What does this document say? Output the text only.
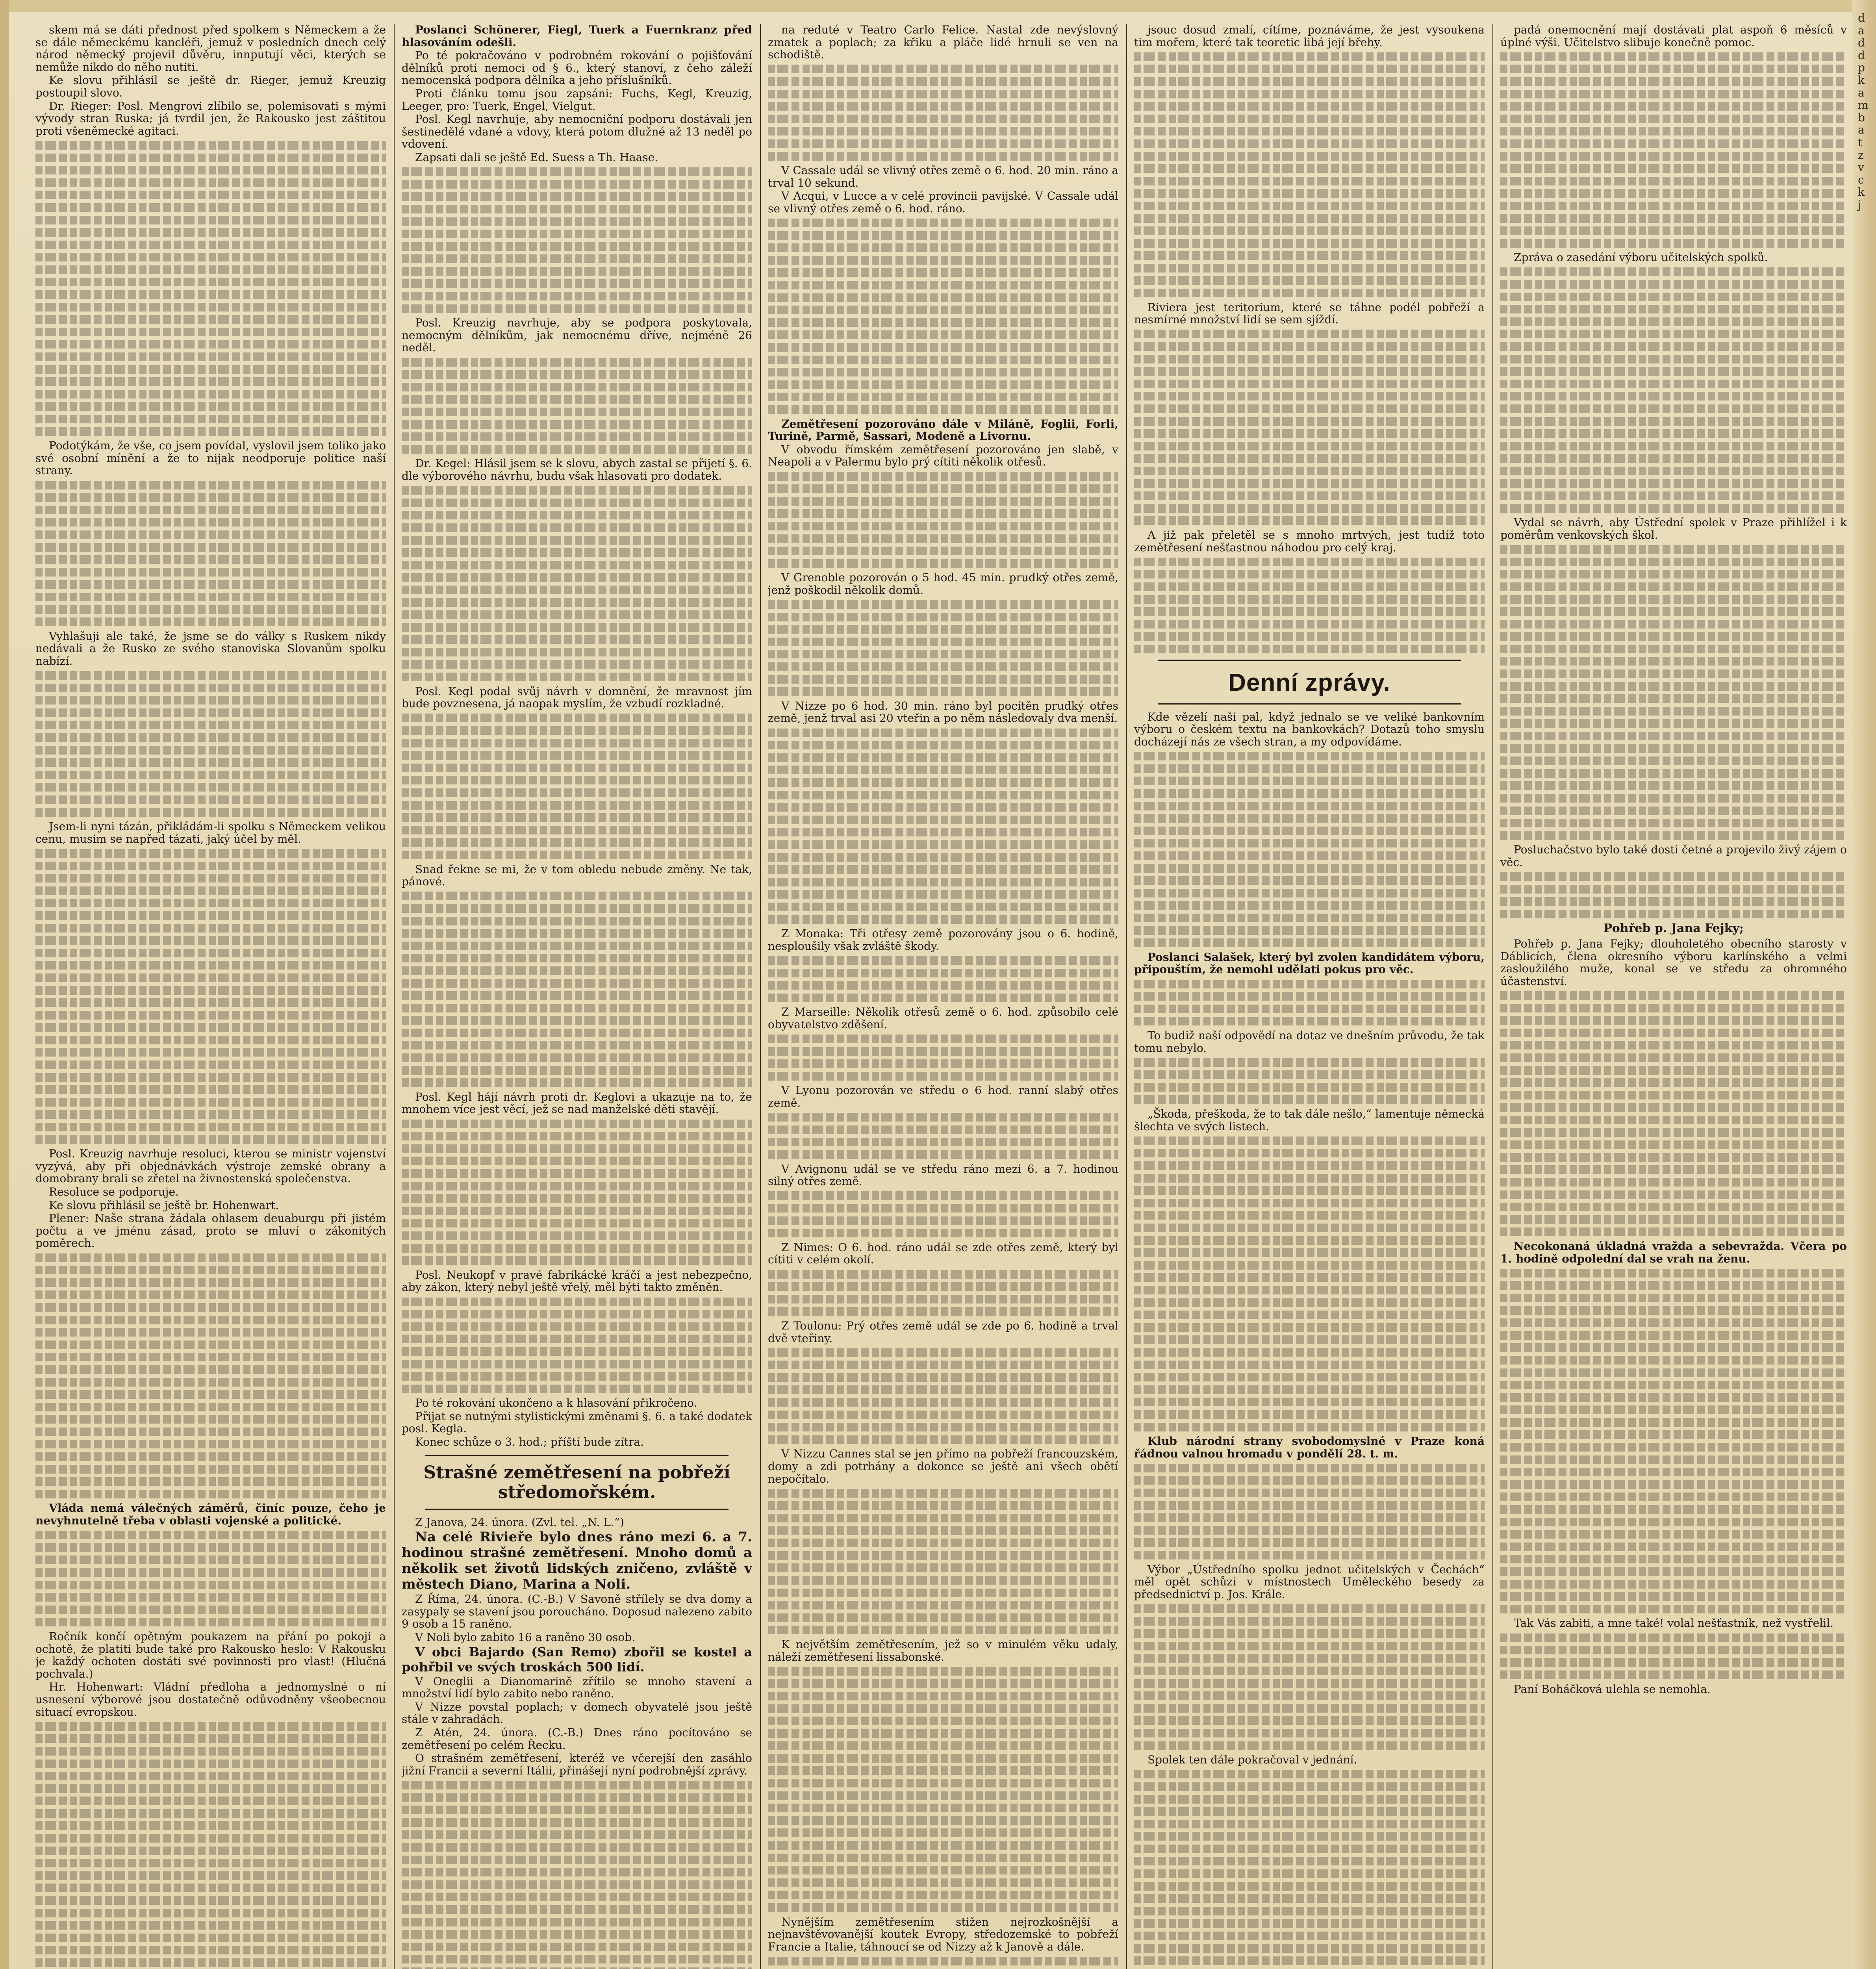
skem má se dáti přednost před spolkem s Německem a že se dále německému kancléři, jemuž v posledních dnech celý národ německý projevil důvěru, innputují věci, kterých se nemůže nikdo do něho nutiti.

Ke slovu přihlásil se ještě dr. Rieger, jemuž Kreuzig postoupil slovo.

Dr. Rieger: Posl. Mengrovi zlíbilo se, polemisovati s mými vývody stran Ruska; já tvrdil jen, že Rakousko jest záštitou proti všeněmecké agitaci.

Podotýkám, že vše, co jsem povídal, vyslovil jsem toliko jako své osobní mínění a že to nijak neodporuje politice naší strany.

Vyhlašuji ale také, že jsme se do války s Ruskem nikdy nedávali a že Rusko ze svého stanoviska Slovanům spolku nabízí.

Jsem-li nyni tázán, přikládám-li spolku s Německem velikou cenu, musim se napřed tázati, jaký účel by měl.

Posl. Kreuzig navrhuje resoluci, kterou se ministr vojenství vyzývá, aby při objednávkách výstroje zemské obrany a domobrany brali se zřetel na živnostenská společenstva.

Resoluce se podporuje.

Ke slovu přihlásil se ještě br. Hohenwart.

Plener: Naše strana žádala ohlasem deuaburgu při jistém počtu a ve jménu zásad, proto se mluví o zákonitých poměrech.

Vláda nemá válečných záměrů, činíc pouze, čeho je nevyhnutelně třeba v oblasti vojenské a politické.

Ročník končí opětným poukazem na přání po pokoji a ochotě, že platiti bude také pro Rakousko heslo: V Rakousku je každý ochoten dostáti své povinnosti pro vlast! (Hlučná pochvala.)

Hr. Hohenwart: Vládní předloha a jednomyslné o ní usnesení výborové jsou dostatečně odůvodněny všeobecnou situací evropskou.

Poslanci Schönerer, Fiegl, Tuerk a Fuernkranz před hlasováním odešli.

Po té pokračováno v podrobném rokování o pojišťování dělníků proti nemoci od § 6., který stanoví, z čeho záleží nemocenská podpora dělníka a jeho příslušníků.

Proti článku tomu jsou zapsáni: Fuchs, Kegl, Kreuzig, Leeger, pro: Tuerk, Engel, Vielgut.

Posl. Kegl navrhuje, aby nemocniční podporu dostávali jen šestinedělé vdané a vdovy, která potom dlužné až 13 neděl po vdovení.

Zapsati dali se ještě Ed. Suess a Th. Haase.

Posl. Kreuzig navrhuje, aby se podpora poskytovala, nemocným dělníkům, jak nemocnému dříve, nejméně 26 neděl.

Dr. Kegel: Hlásil jsem se k slovu, abych zastal se přijetí §. 6. dle výborového návrhu, budu však hlasovati pro dodatek.

Posl. Kegl podal svůj návrh v domnění, že mravnost jím bude povznesena, já naopak myslím, že vzbudí rozkladné.

Snad řekne se mi, že v tom obledu nebude změny. Ne tak, pánové.

Posl. Kegl hájí návrh proti dr. Keglovi a ukazuje na to, že mnohem více jest věcí, jež se nad manželské děti stavějí.

Posl. Neukopf v pravé fabrikácké kráčí a jest nebezpečno, aby zákon, který nebyl ještě vřelý, měl býti takto změněn.

Po té rokování ukončeno a k hlasování přikročeno.

Přijat se nutnými stylistickými změnami §. 6. a také dodatek posl. Kegla.

Konec schůze o 3. hod.; příští bude zítra.

Strašné zemětřesení na pobřeží středomořském.

Z Janova, 24. února. (Zvl. tel. „N. L.“)

Na celé Rivieře bylo dnes ráno mezi 6. a 7. hodinou strašné zemětřesení. Mnoho domů a několik set životů lidských zničeno, zvláště v městech Diano, Marina a Noli.

Z Říma, 24. února. (C.-B.) V Savoně střílely se dva domy a zasypaly se stavení jsou poroucháno. Doposud nalezeno zabito 9 osob a 15 raněno.

V Noli bylo zabito 16 a raněno 30 osob.

V obci Bajardo (San Remo) zbořil se kostel a pohřbil ve svých troskách 500 lidí.

V Oneglii a Dianomarině zřítilo se mnoho stavení a množství lidí bylo zabito nebo raněno.

V Nizze povstal poplach; v domech obyvatelé jsou ještě stále v zahradách.

Z Atén, 24. února. (C.-B.) Dnes ráno pocítováno se zemětřesení po celém Řecku.

O strašném zemětřesení, kteréž ve včerejší den zasáhlo jižní Francii a severní Itálii, přinášejí nyní podrobnější zprávy.

na reduté v Teatro Carlo Felice. Nastal zde nevýslovný zmatek a poplach; za křiku a pláče lidé hrnuli se ven na schodiště.

V Cassale udál se vlivný otřes země o 6. hod. 20 min. ráno a trval 10 sekund.

V Acqui, v Lucce a v celé provincii pavijské. V Cassale udál se vlivný otřes země o 6. hod. ráno.

Zemětřesení pozorováno dále v Miláně, Foglii, Forli, Turině, Parmě, Sassari, Modeně a Livornu.

V obvodu římském zemětřesení pozorováno jen slabě, v Neapoli a v Palermu bylo prý cítiti několik otřesů.

V Grenoble pozorován o 5 hod. 45 min. prudký otřes země, jenž poškodil několik domů.

V Nizze po 6 hod. 30 min. ráno byl pocítěn prudký otřes země, jenž trval asi 20 vteřin a po něm následovaly dva menší.

Z Monaka: Tři otřesy země pozorovány jsou o 6. hodině, nesploušily však zvláště škody.

Z Marseille: Několik otřesů země o 6. hod. způsobilo celé obyvatelstvo zděšení.

V Lyonu pozorován ve středu o 6 hod. ranní slabý otřes země.

V Avignonu udál se ve středu ráno mezi 6. a 7. hodinou silný otřes země.

Z Nimes: O 6. hod. ráno udál se zde otřes země, který byl cítiti v celém okolí.

Z Toulonu: Prý otřes země udál se zde po 6. hodině a trval dvě vteřiny.

V Nizzu Cannes stal se jen přímo na pobřeží francouzském, domy a zdi potrhány a dokonce se ještě ani všech obětí nepočítalo.

K největším zemětřesením, jež so v minulém věku udaly, náleží zemětřesení lissabonské.

Nynějším zemětřesením stižen nejrozkošnější a nejnavštěvovanější koutek Evropy, středozemské to pobřeží Francie a Italie, táhnoucí se od Nizzy až k Janově a dále.

jsouc dosud zmalí, cítíme, poznáváme, že jest vysoukena tim mořem, které tak teoretic libá její břehy.

Riviera jest teritorium, které se táhne podél pobřeží a nesmírné množství lidí se sem sjíždí.

A již pak přeletěl se s mnoho mrtvých, jest tudíž toto zemětřesení nešťastnou náhodou pro celý kraj.

Denní zprávy.

Kde vězelí naši pal, když jednalo se ve veliké bankovním výboru o českém textu na bankovkách? Dotazů toho smyslu docházejí nás ze všech stran, a my odpovídáme.

Poslanci Salašek, který byl zvolen kandidátem výboru, připouštím, že nemohl udělati pokus pro věc.

To budiž naší odpovědí na dotaz ve dnešním průvodu, že tak tomu nebylo.

„Škoda, přeškoda, že to tak dále nešlo,“ lamentuje německá šlechta ve svých listech.

Klub národní strany svobodomyslné v Praze koná řádnou valnou hromadu v pondělí 28. t. m.

Výbor „Ústředního spolku jednot učitelských v Čechách“ měl opět schůzi v místnostech Uměleckého besedy za předsednictví p. Jos. Krále.

Spolek ten dále pokračoval v jednání.

padá onemocnění mají dostávati plat aspoň 6 měsíců v úplné výši. Učitelstvo slibuje konečně pomoc.

Zpráva o zasedání výboru učitelských spolků.

Vydal se návrh, aby Ústřední spolek v Praze přihlížel i k poměrům venkovských škol.

Posluchačstvo bylo také dosti četné a projevilo živý zájem o věc.

Pohřeb p. Jana Fejky;

Pohřeb p. Jana Fejky; dlouholetého obecního starosty v Dáblicích, člena okresního výboru karlínského a velmi zasloužilého muže, konal se ve středu za ohromného účastenství.

Necokonaná úkladná vražda a sebevražda. Včera po 1. hodině odpolední dal se vrah na ženu.

Tak Vás zabiti, a mne také! volal nešťastník, než vystřelil.

Paní Boháčková ulehla se nemohla.

d
a
d
d
p
k
a
m
b
a
t
z
v
c
k
j
